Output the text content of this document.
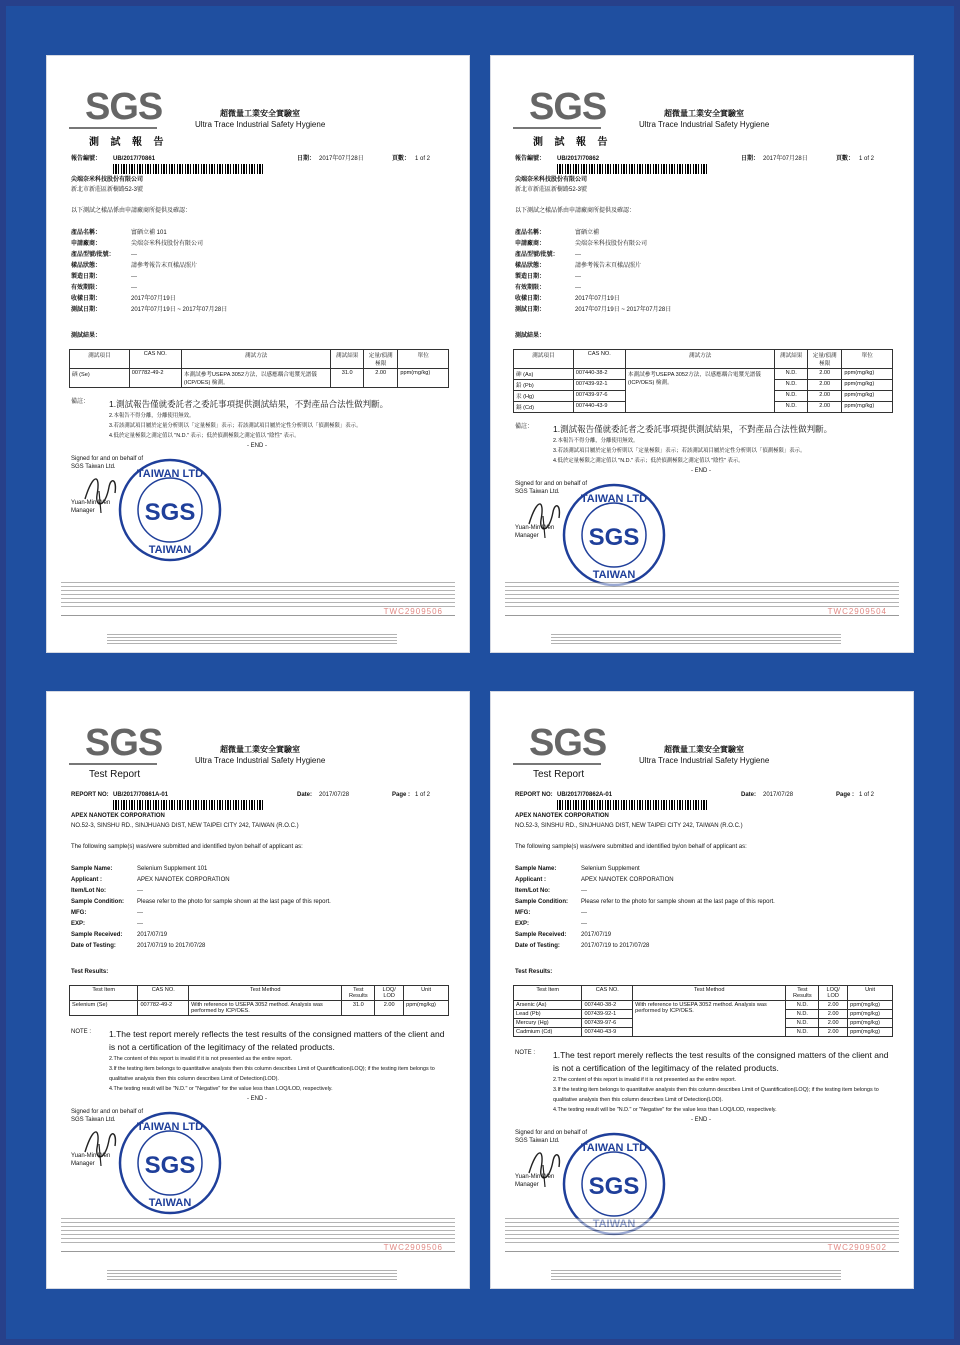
SGS	超微量工業安全實驗室
Ultra Trace Industrial Safety Hygiene
測 試 報 告
報告編號： UB/2017/70861	日期： 2017年07月28日	頁數： 1 of 2
尖端奈米科技股份有限公司
新北市新莊區新樹路52-3號
以下測試之樣品係由申請廠商所提供及確認：
產品名稱：	富硒立補 101
申請廠商：	尖端奈米科技股份有限公司
產品型號/批號：	---
樣品狀態：	請參考報告末頁樣品照片
製造日期：	---
有效期限：	---
收樣日期：	2017年07月19日
測試日期：	2017年07月19日 ~ 2017年07月28日
測試結果：
測試項目	CAS NO.	測試方法	測試結果	定量/偵測極限	單位
硒 (Se)	007782-49-2	本測試參考USEPA 3052方法，以感應耦合電漿光譜儀(ICP/OES) 檢測。	31.0	2.00	ppm(mg/kg)
備註： 1.測試報告僅就委託者之委託事項提供測試結果，不對產品合法性做判斷。
2.本報告不得分離，分離使用無效。
3.若該測試項目屬於定量分析則以「定量極限」表示；若該測試項目屬於定性分析則以「偵測極限」表示。
4.低於定量極限之測定值以 "N.D." 表示；低於偵測極限之測定值以 "陰性" 表示。
- END -
Signed for and on behalf of
SGS Taiwan Ltd.
TAIWAN LTD
SGS
TAIWAN
Yuan-Min Wen
Manager
TWC2909506
SGS	超微量工業安全實驗室
Ultra Trace Industrial Safety Hygiene
測 試 報 告
報告編號： UB/2017/70862	日期： 2017年07月28日	頁數： 1 of 2
尖端奈米科技股份有限公司
新北市新莊區新樹路52-3號
以下測試之樣品係由申請廠商所提供及確認：
產品名稱：	富硒立補
申請廠商：	尖端奈米科技股份有限公司
產品型號/批號：	---
樣品狀態：	請參考報告末頁樣品照片
製造日期：	---
有效期限：	---
收樣日期：	2017年07月19日
測試日期：	2017年07月19日 ~ 2017年07月28日
測試結果：
測試項目	CAS NO.	測試方法	測試結果	定量/偵測極限	單位
砷 (As)	007440-38-2	本測試參考USEPA 3052方法，以感應耦合電漿光譜儀(ICP/OES) 檢測。	N.D.	2.00	ppm(mg/kg)
鉛 (Pb)	007439-92-1		N.D.	2.00	ppm(mg/kg)
汞 (Hg)	007439-97-6		N.D.	2.00	ppm(mg/kg)
鎘 (Cd)	007440-43-9		N.D.	2.00	ppm(mg/kg)
備註： 1.測試報告僅就委託者之委託事項提供測試結果，不對產品合法性做判斷。
2.本報告不得分離，分離使用無效。
3.若該測試項目屬於定量分析則以「定量極限」表示；若該測試項目屬於定性分析則以「偵測極限」表示。
4.低於定量極限之測定值以 "N.D." 表示；低於偵測極限之測定值以 "陰性" 表示。
- END -
Signed for and on behalf of
SGS Taiwan Ltd.
TAIWAN LTD
SGS
TAIWAN
Yuan-Min Wen
Manager
TWC2909504
SGS	超微量工業安全實驗室
Ultra Trace Industrial Safety Hygiene
Test Report
REPORT NO: UB/2017/70861A-01	Date: 2017/07/28	Page : 1 of 2
APEX NANOTEK CORPORATION
NO.52-3, SINSHU RD., SINJHUANG DIST, NEW TAIPEI CITY 242, TAIWAN (R.O.C.)
The following sample(s) was/were submitted and identified by/on behalf of applicant as:
Sample Name:	Selenium Supplement 101
Applicant :	APEX NANOTEK CORPORATION
Item/Lot No:	---
Sample Condition:	Please refer to the photo for sample shown at the last page of this report.
MFG:	---
EXP:	---
Sample Received:	2017/07/19
Date of Testing:	2017/07/19 to 2017/07/28
Test Results:
Test Item	CAS NO.	Test Method	Test Results	LOQ/ LOD	Unit
Selenium (Se)	007782-49-2	With reference to USEPA 3052 method. Analysis was performed by ICP/OES.	31.0	2.00	ppm(mg/kg)
NOTE : 1.The test report merely reflects the test results of the consigned matters of the client and is not a certification of the legitimacy of the related products.
2.The content of this report is invalid if it is not presented as the entire report.
3.If the testing item belongs to quantitative analysis then this column describes Limit of Quantification(LOQ); if the testing item belongs to qualitative analysis then this column describes Limit of Detection(LOD).
4.The testing result will be "N.D." or "Negative" for the value less than LOQ/LOD, respectively.
- END -
Signed for and on behalf of
SGS Taiwan Ltd.
TAIWAN LTD
SGS
TAIWAN
Yuan-Min Wen
Manager
TWC2909506
SGS	超微量工業安全實驗室
Ultra Trace Industrial Safety Hygiene
Test Report
REPORT NO: UB/2017/70862A-01	Date: 2017/07/28	Page : 1 of 2
APEX NANOTEK CORPORATION
NO.52-3, SINSHU RD., SINJHUANG DIST, NEW TAIPEI CITY 242, TAIWAN (R.O.C.)
The following sample(s) was/were submitted and identified by/on behalf of applicant as:
Sample Name:	Selenium Supplement
Applicant :	APEX NANOTEK CORPORATION
Item/Lot No:	---
Sample Condition:	Please refer to the photo for sample shown at the last page of this report.
MFG:	---
EXP:	---
Sample Received:	2017/07/19
Date of Testing:	2017/07/19 to 2017/07/28
Test Results:
Test Item	CAS NO.	Test Method	Test Results	LOQ/ LOD	Unit
Arsenic (As)	007440-38-2	With reference to USEPA 3052 method. Analysis was performed by ICP/OES.	N.D.	2.00	ppm(mg/kg)
Lead (Pb)	007439-92-1		N.D.	2.00	ppm(mg/kg)
Mercury (Hg)	007439-97-6		N.D.	2.00	ppm(mg/kg)
Cadmium (Cd)	007440-43-9		N.D.	2.00	ppm(mg/kg)
NOTE : 1.The test report merely reflects the test results of the consigned matters of the client and is not a certification of the legitimacy of the related products.
2.The content of this report is invalid if it is not presented as the entire report.
3.If the testing item belongs to quantitative analysis then this column describes Limit of Quantification(LOQ); if the testing item belongs to qualitative analysis then this column describes Limit of Detection(LOD).
4.The testing result will be "N.D." or "Negative" for the value less than LOQ/LOD, respectively.
- END -
Signed for and on behalf of
SGS Taiwan Ltd.
TAIWAN LTD
SGS
Yuan-Min Wen
Manager
TWC2909502
